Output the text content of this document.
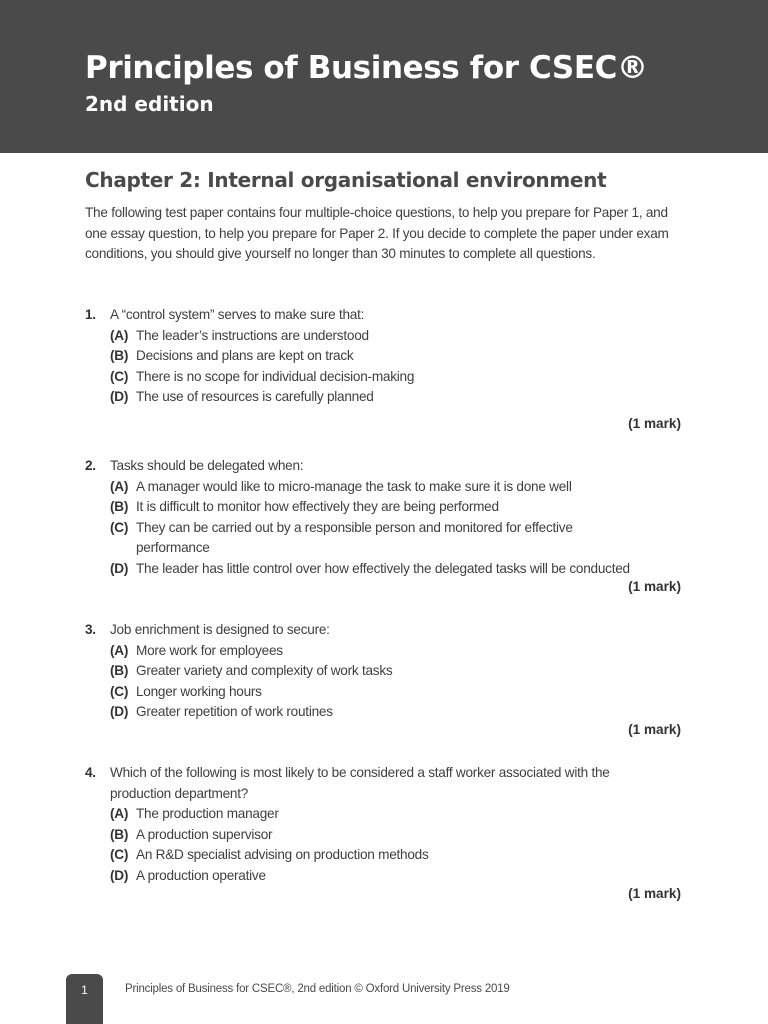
Principles of Business for CSEC®
2nd edition
Chapter 2: Internal organisational environment
The following test paper contains four multiple-choice questions, to help you prepare for Paper 1, and one essay question, to help you prepare for Paper 2. If you decide to complete the paper under exam conditions, you should give yourself no longer than 30 minutes to complete all questions.
1. A “control system” serves to make sure that:
(A) The leader’s instructions are understood
(B) Decisions and plans are kept on track
(C) There is no scope for individual decision-making
(D) The use of resources is carefully planned
(1 mark)
2. Tasks should be delegated when:
(A) A manager would like to micro-manage the task to make sure it is done well
(B) It is difficult to monitor how effectively they are being performed
(C) They can be carried out by a responsible person and monitored for effective performance
(D) The leader has little control over how effectively the delegated tasks will be conducted
(1 mark)
3. Job enrichment is designed to secure:
(A) More work for employees
(B) Greater variety and complexity of work tasks
(C) Longer working hours
(D) Greater repetition of work routines
(1 mark)
4. Which of the following is most likely to be considered a staff worker associated with the production department?
(A) The production manager
(B) A production supervisor
(C) An R&D specialist advising on production methods
(D) A production operative
(1 mark)
1	Principles of Business for CSEC®, 2nd edition © Oxford University Press 2019
